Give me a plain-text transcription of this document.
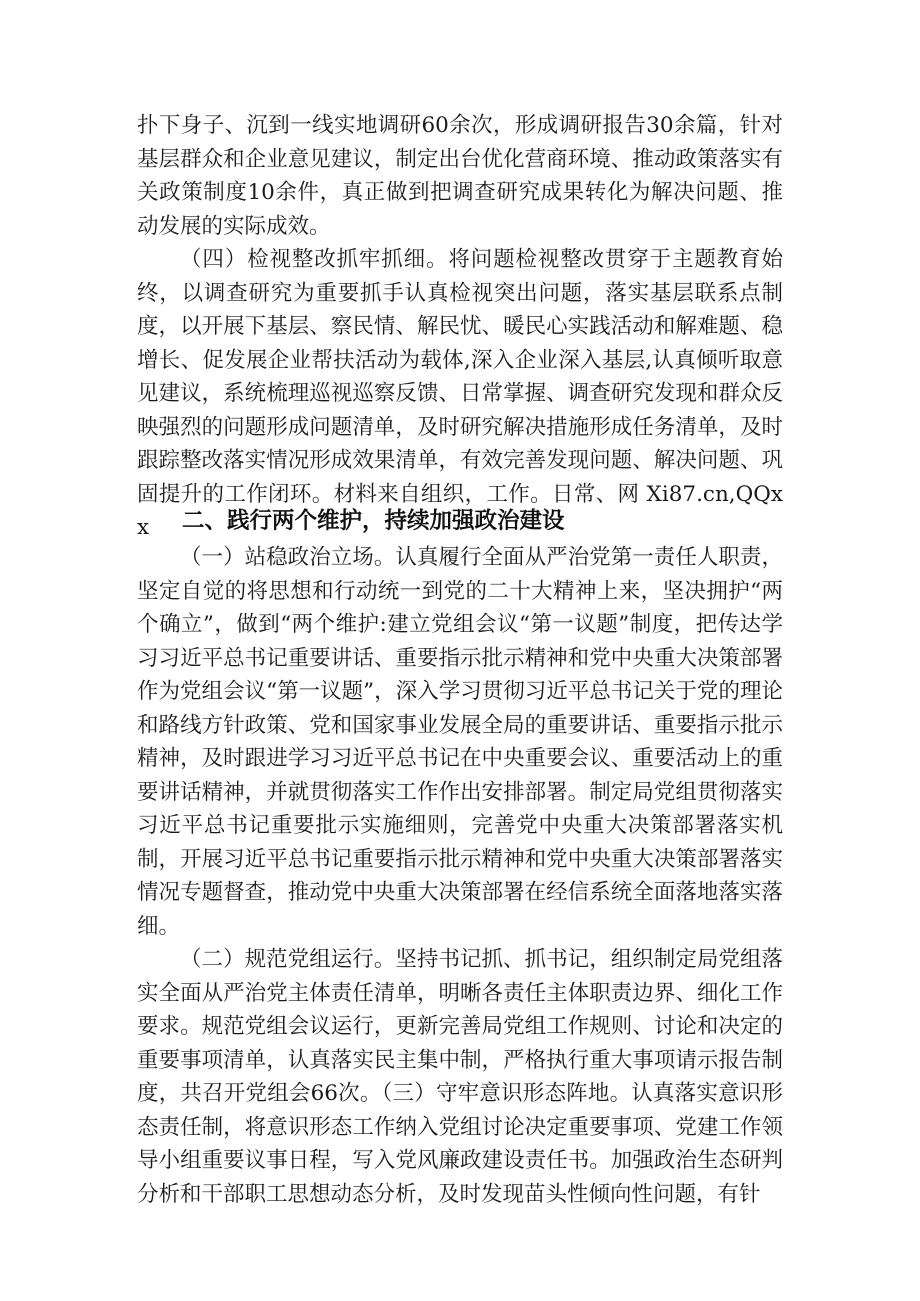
扑下身子、沉到一线实地调研60余次，形成调研报告30余篇，针对基层群众和企业意见建议，制定出台优化营商环境、推动政策落实有关政策制度10余件，真正做到把调查研究成果转化为解决问题、推动发展的实际成效。

（四）检视整改抓牢抓细。将问题检视整改贯穿于主题教育始终，以调查研究为重要抓手认真检视突出问题，落实基层联系点制度，以开展下基层、察民情、解民忧、暖民心实践活动和解难题、稳增长、促发展企业帮扶活动为载体,深入企业深入基层,认真倾听取意见建议，系统梳理巡视巡察反馈、日常掌握、调查研究发现和群众反映强烈的问题形成问题清单，及时研究解决措施形成任务清单，及时跟踪整改落实情况形成效果清单，有效完善发现问题、解决问题、巩固提升的工作闭环。材料来自组织，工作。日常、网 Xi87.cn,QQxx	二、践行两个维护，持续加强政治建设

（一）站稳政治立场。认真履行全面从严治党第一责任人职责，坚定自觉的将思想和行动统一到党的二十大精神上来，坚决拥护“两个确立”，做到“两个维护:建立党组会议“第一议题”制度，把传达学习习近平总书记重要讲话、重要指示批示精神和党中央重大决策部署作为党组会议“第一议题”，深入学习贯彻习近平总书记关于党的理论和路线方针政策、党和国家事业发展全局的重要讲话、重要指示批示精神，及时跟进学习习近平总书记在中央重要会议、重要活动上的重要讲话精神，并就贯彻落实工作作出安排部署。制定局党组贯彻落实习近平总书记重要批示实施细则，完善党中央重大决策部署落实机制，开展习近平总书记重要指示批示精神和党中央重大决策部署落实情况专题督查，推动党中央重大决策部署在经信系统全面落地落实落细。

（二）规范党组运行。坚持书记抓、抓书记，组织制定局党组落实全面从严治党主体责任清单，明晰各责任主体职责边界、细化工作要求。规范党组会议运行，更新完善局党组工作规则、讨论和决定的重要事项清单，认真落实民主集中制，严格执行重大事项请示报告制度，共召开党组会66次。（三）守牢意识形态阵地。认真落实意识形态责任制，将意识形态工作纳入党组讨论决定重要事项、党建工作领导小组重要议事日程，写入党风廉政建设责任书。加强政治生态研判分析和干部职工思想动态分析，及时发现苗头性倾向性问题，有针
